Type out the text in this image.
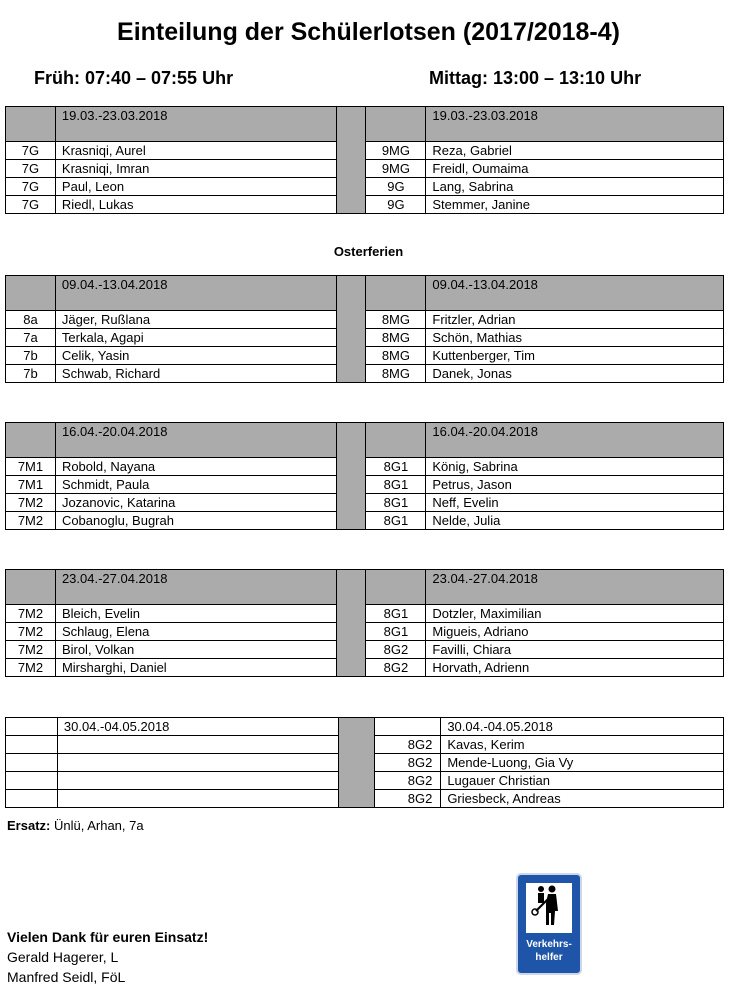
Einteilung der Schülerlotsen (2017/2018-4)
Früh: 07:40 – 07:55 Uhr	Mittag: 13:00 – 13:10 Uhr
	19.03.-23.03.2018			19.03.-23.03.2018
7G	Krasniqi, Aurel		9MG	Reza, Gabriel
7G	Krasniqi, Imran		9MG	Freidl, Oumaima
7G	Paul, Leon		9G	Lang, Sabrina
7G	Riedl, Lukas		9G	Stemmer, Janine
	09.04.-13.04.2018			09.04.-13.04.2018
8a	Jäger, Rußlana		8MG	Fritzler, Adrian
7a	Terkala, Agapi		8MG	Schön, Mathias
7b	Celik, Yasin		8MG	Kuttenberger, Tim
7b	Schwab, Richard		8MG	Danek, Jonas
	16.04.-20.04.2018			16.04.-20.04.2018
7M1	Robold, Nayana		8G1	König, Sabrina
7M1	Schmidt, Paula		8G1	Petrus, Jason
7M2	Jozanovic, Katarina		8G1	Neff, Evelin
7M2	Cobanoglu, Bugrah		8G1	Nelde, Julia
	23.04.-27.04.2018			23.04.-27.04.2018
7M2	Bleich, Evelin		8G1	Dotzler, Maximilian
7M2	Schlaug, Elena		8G1	Migueis, Adriano
7M2	Birol, Volkan		8G2	Favilli, Chiara
7M2	Mirsharghi, Daniel		8G2	Horvath, Adrienn
	30.04.-04.05.2018			30.04.-04.05.2018
			8G2	Kavas, Kerim
			8G2	Mende-Luong, Gia Vy
			8G2	Lugauer Christian
			8G2	Griesbeck, Andreas
Osterferien
Ersatz: Ünlü, Arhan, 7a
Vielen Dank für euren Einsatz!
Gerald Hagerer, L
Manfred Seidl, FöL
Verkehrs-
helfer
